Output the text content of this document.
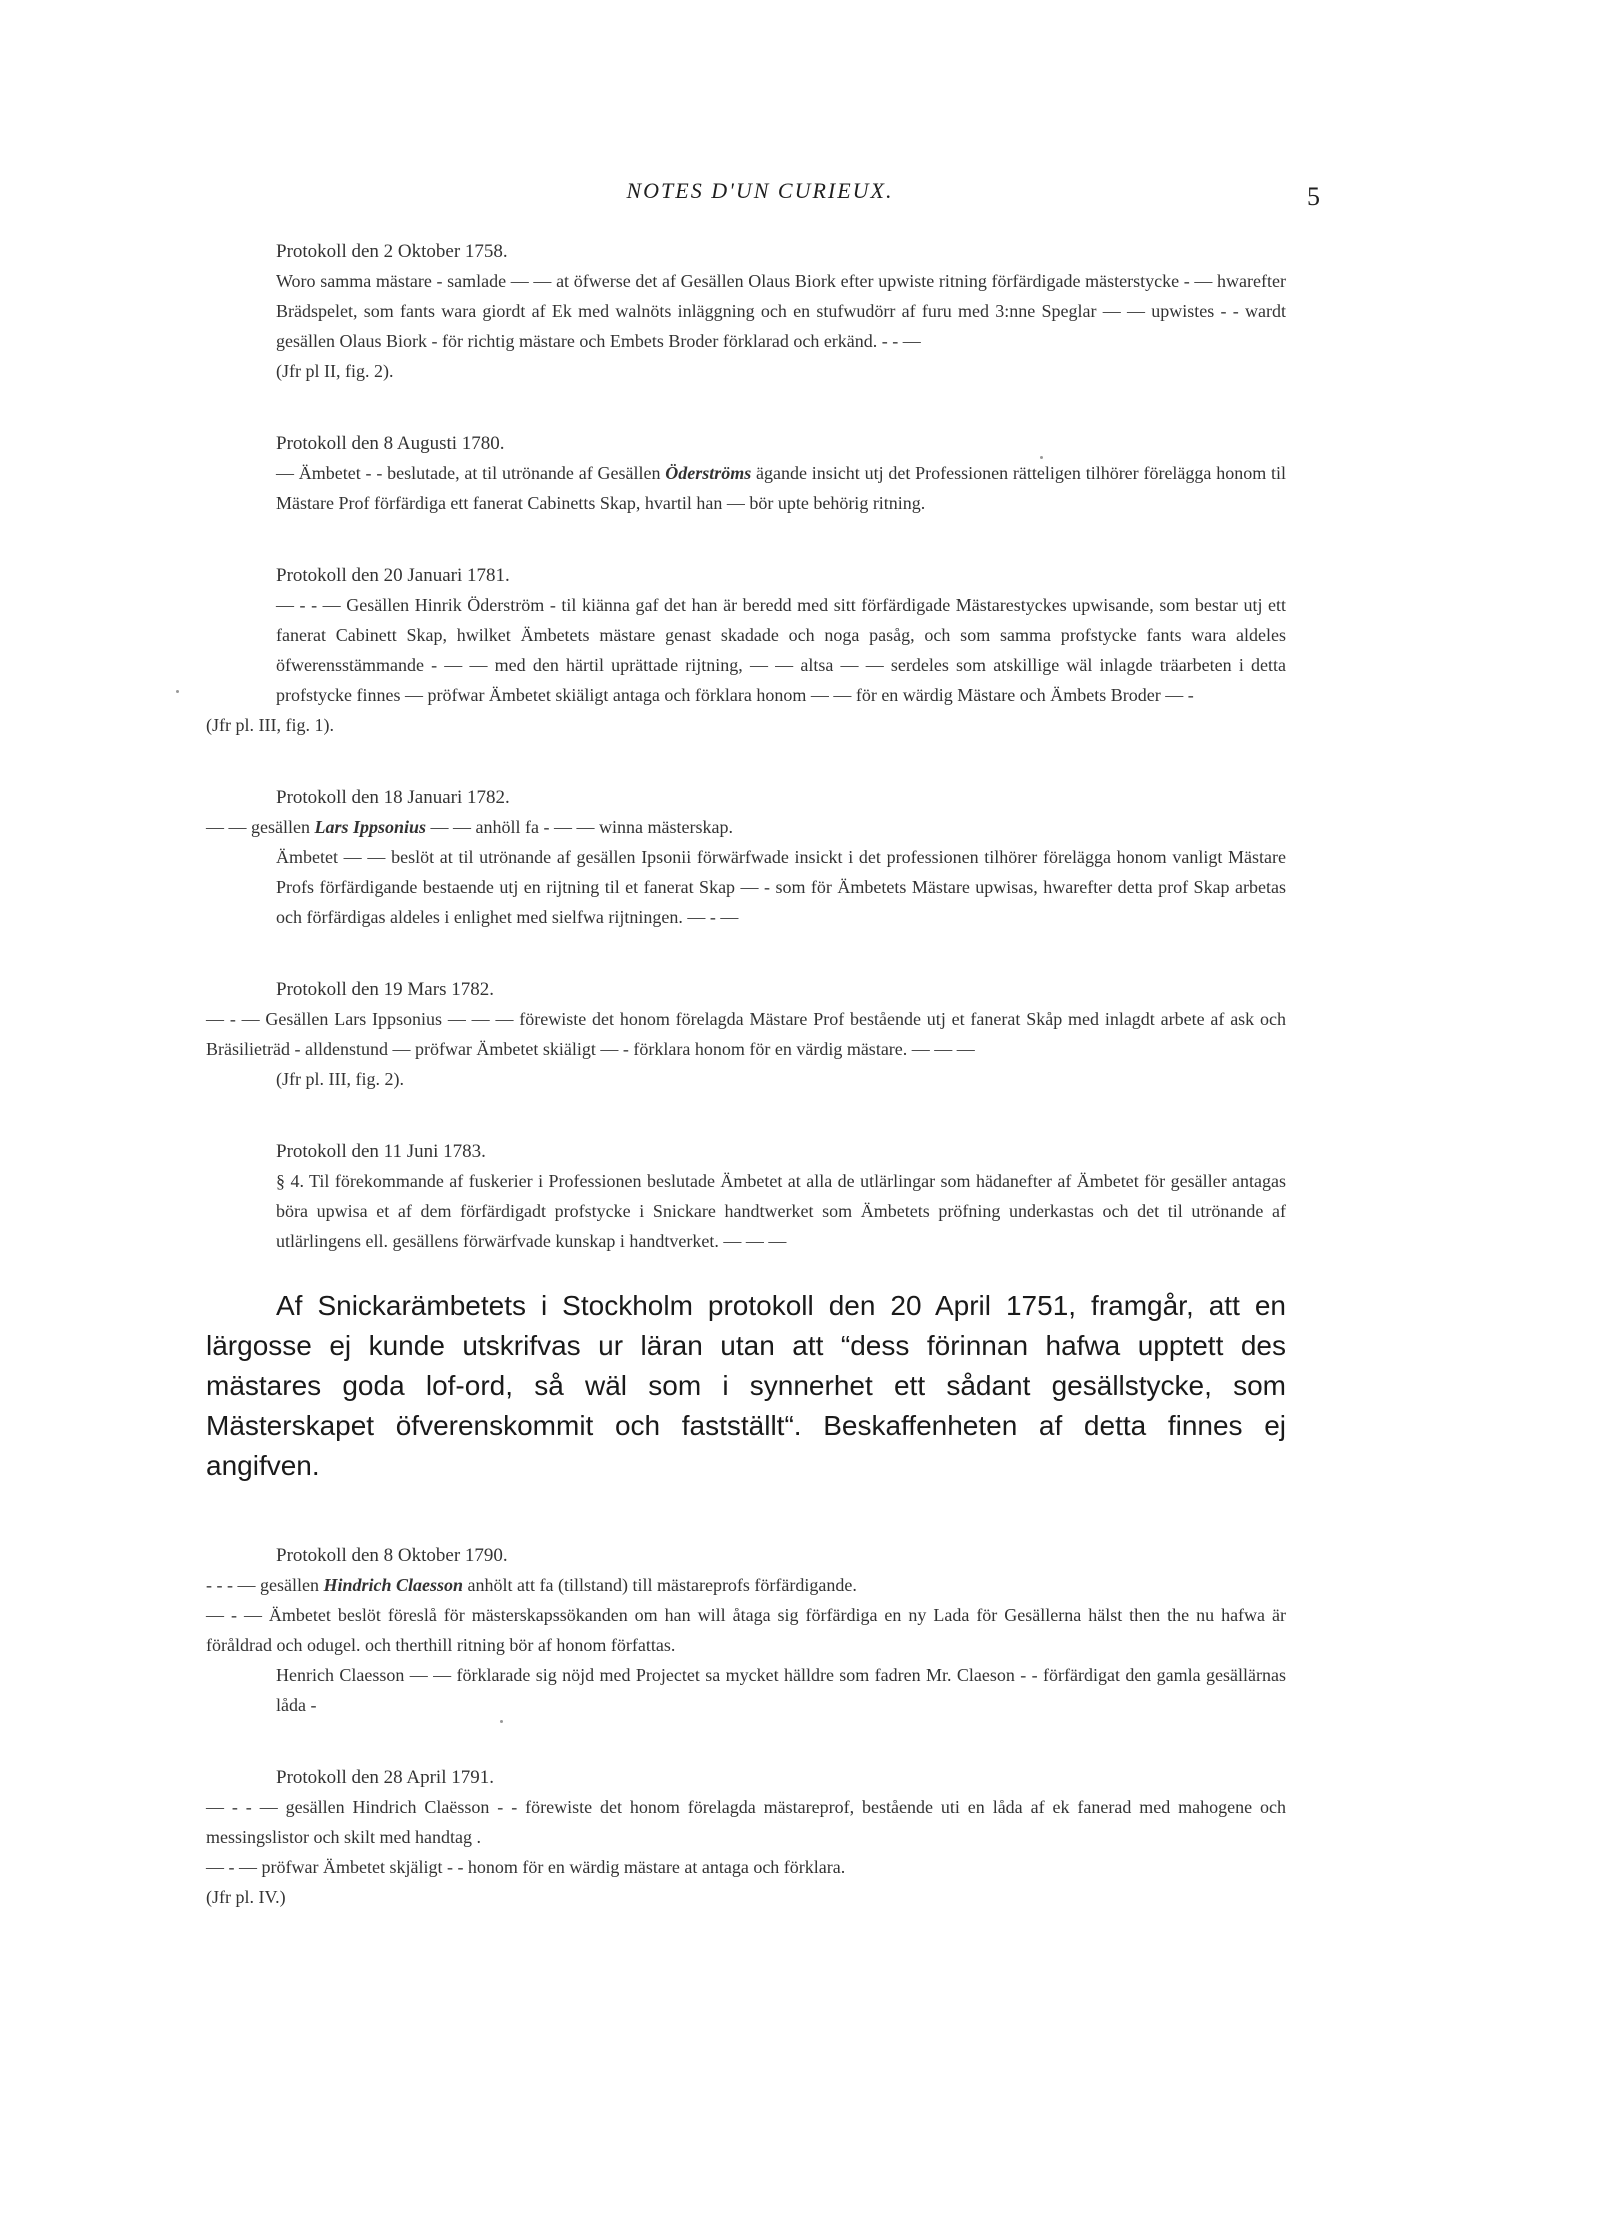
NOTES D'UN CURIEUX.	5
Protokoll den 2 Oktober 1758.

Woro samma mästare - samlade — — at öfwerse det af Gesällen Olaus Biork efter upwiste ritning förfärdigade mästerstycke - — hwarefter Brädspelet, som fants wara giordt af Ek med walnöts inläggning och en stufwudörr af furu med 3:nne Speglar — — upwistes - - wardt gesällen Olaus Biork - för richtig mästare och Embets Broder förklarad och erkänd. - - —

(Jfr pl II, fig. 2).

Protokoll den 8 Augusti 1780.

— Ämbetet - - beslutade, at til utrönande af Gesällen Öderströms ägande insicht utj det Professionen rätteligen tilhörer förelägga honom til Mästare Prof förfärdiga ett fanerat Cabinetts Skap, hvartil han — bör upte behörig ritning.

Protokoll den 20 Januari 1781.

— - - — Gesällen Hinrik Öderström - til kiänna gaf det han är beredd med sitt förfärdigade Mästarestyckes upwisande, som bestar utj ett fanerat Cabinett Skap, hwilket Ämbetets mästare genast skadade och noga pasåg, och som samma profstycke fants wara aldeles öfwerensstämmande - — — med den härtil uprättade rijtning, — — altsa — — serdeles som atskillige wäl inlagde träarbeten i detta profstycke finnes — pröfwar Ämbetet skiäligt antaga och förklara honom — — för en wärdig Mästare och Ämbets Broder — -

(Jfr pl. III, fig. 1).

Protokoll den 18 Januari 1782.

— — gesällen Lars Ippsonius — — anhöll fa - — — winna mästerskap.

Ämbetet — — beslöt at til utrönande af gesällen Ipsonii förwärfwade insickt i det professionen tilhörer förelägga honom vanligt Mästare Profs förfärdigande bestaende utj en rijtning til et fanerat Skap — - som för Ämbetets Mästare upwisas, hwarefter detta prof Skap arbetas och förfärdigas aldeles i enlighet med sielfwa rijtningen. — - —

Protokoll den 19 Mars 1782.

— - — Gesällen Lars Ippsonius — — — förewiste det honom förelagda Mästare Prof bestående utj et fanerat Skåp med inlagdt arbete af ask och Bräsilieträd - alldenstund — pröfwar Ämbetet skiäligt — - förklara honom för en värdig mästare. — — —

(Jfr pl. III, fig. 2).

Protokoll den 11 Juni 1783.

§ 4. Til förekommande af fuskerier i Professionen beslutade Ämbetet at alla de utlärlingar som hädanefter af Ämbetet för gesäller antagas böra upwisa et af dem förfärdigadt profstycke i Snickare handtwerket som Ämbetets pröfning underkastas och det til utrönande af utlärlingens ell. gesällens förwärfvade kunskap i handtverket. — — —

Af Snickarämbetets i Stockholm protokoll den 20 April 1751, framgår, att en lärgosse ej kunde utskrifvas ur läran utan att “dess förinnan hafwa upptett des mästares goda lof-ord, så wäl som i synnerhet ett sådant gesällstycke, som Mästerskapet öfverenskommit och fastställt“. Beskaffenheten af detta finnes ej angifven.
Protokoll den 8 Oktober 1790.

- - - — gesällen Hindrich Claesson anhölt att fa (tillstand) till mästareprofs förfärdigande.

— - — Ämbetet beslöt föreslå för mästerskapssökanden om han will åtaga sig förfärdiga en ny Lada för Gesällerna hälst then the nu hafwa är föråldrad och odugel. och therthill ritning bör af honom författas.

Henrich Claesson — — förklarade sig nöjd med Projectet sa mycket hälldre som fadren Mr. Claeson - - förfärdigat den gamla gesällärnas låda -

Protokoll den 28 April 1791.

— - - — gesällen Hindrich Claësson - - förewiste det honom förelagda mästareprof, bestående uti en låda af ek fanerad med mahogene och messingslistor och skilt med handtag .

— - — pröfwar Ämbetet skjäligt - - honom för en wärdig mästare at antaga och förklara.

(Jfr pl. IV.)
